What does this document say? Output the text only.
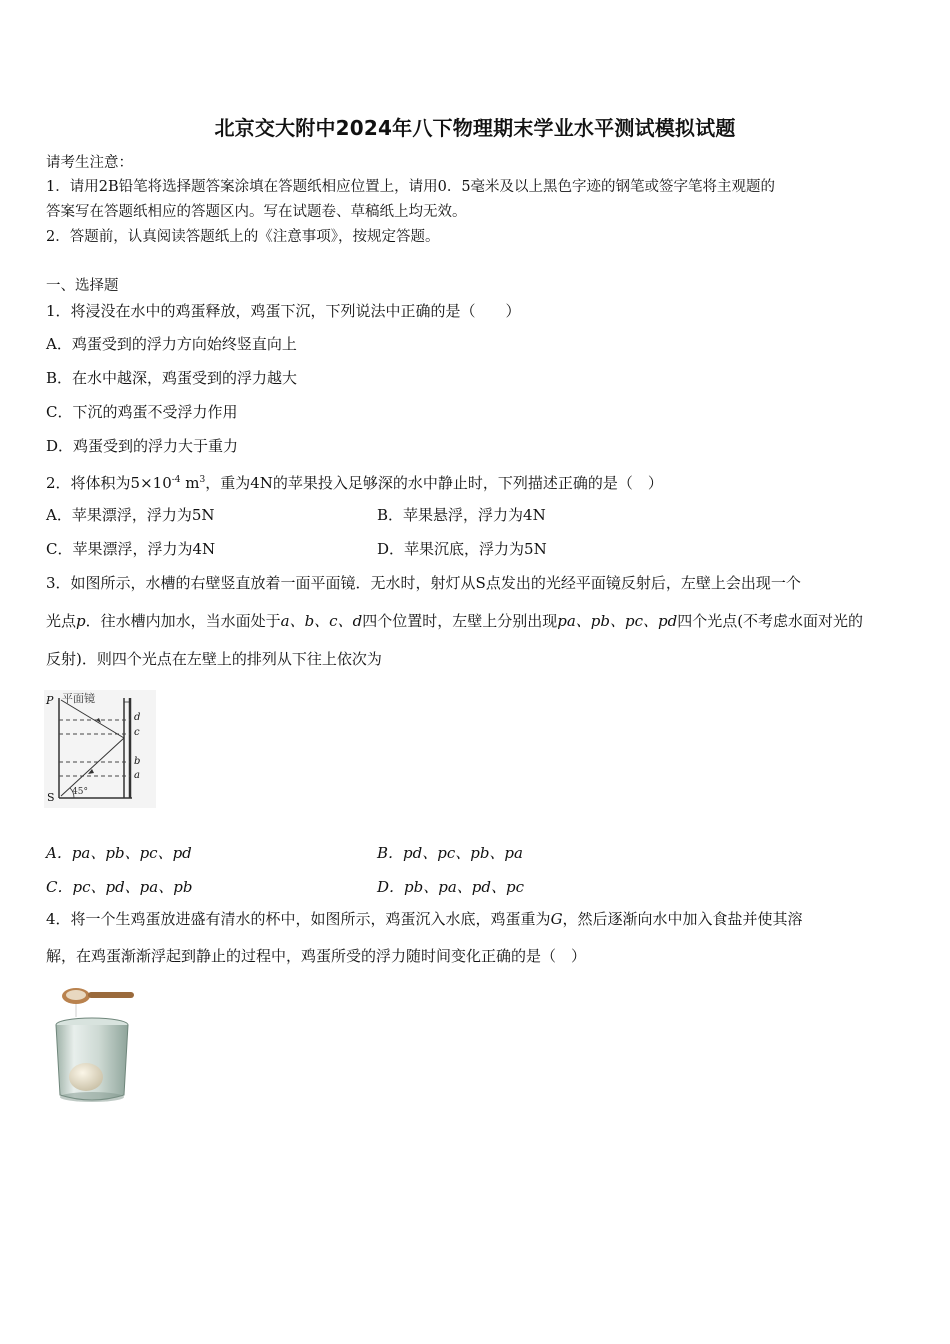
北京交大附中2024年八下物理期末学业水平测试模拟试题
请考生注意：
1．请用2B铅笔将选择题答案涂填在答题纸相应位置上，请用0．5毫米及以上黑色字迹的钢笔或签字笔将主观题的
答案写在答题纸相应的答题区内。写在试题卷、草稿纸上均无效。
2．答题前，认真阅读答题纸上的《注意事项》，按规定答题。
一、选择题
1．将浸没在水中的鸡蛋释放，鸡蛋下沉，下列说法中正确的是（　　）
A．鸡蛋受到的浮力方向始终竖直向上
B．在水中越深，鸡蛋受到的浮力越大
C．下沉的鸡蛋不受浮力作用
D．鸡蛋受到的浮力大于重力
2．将体积为$5\times 10^{-4}$ $m^3$，重为4N的苹果投入足够深的水中静止时，下列描述正确的是（　）
A．苹果漂浮，浮力为5N	B．苹果悬浮，浮力为4N
C．苹果漂浮，浮力为4N	D．苹果沉底，浮力为5N
3．如图所示，水槽的右壁竖直放着一面平面镜．无水时，射灯从S点发出的光经平面镜反射后，左壁上会出现一个
光点p．往水槽内加水，当水面处于a、b、c、d四个位置时，左壁上分别出现pa、pb、pc、pd四个光点(不考虑水面对光的
反射)．则四个光点在左壁上的排列从下往上依次为
平面镜
P
S 45°
d
c
b
a
A．pa、pb、pc、pd	B．pd、pc、pb、pa
C．pc、pd、pa、pb	D．pb、pa、pd、pc
4．将一个生鸡蛋放进盛有清水的杯中，如图所示，鸡蛋沉入水底，鸡蛋重为G，然后逐渐向水中加入食盐并使其溶
解，在鸡蛋渐渐浮起到静止的过程中，鸡蛋所受的浮力随时间变化正确的是（　）
